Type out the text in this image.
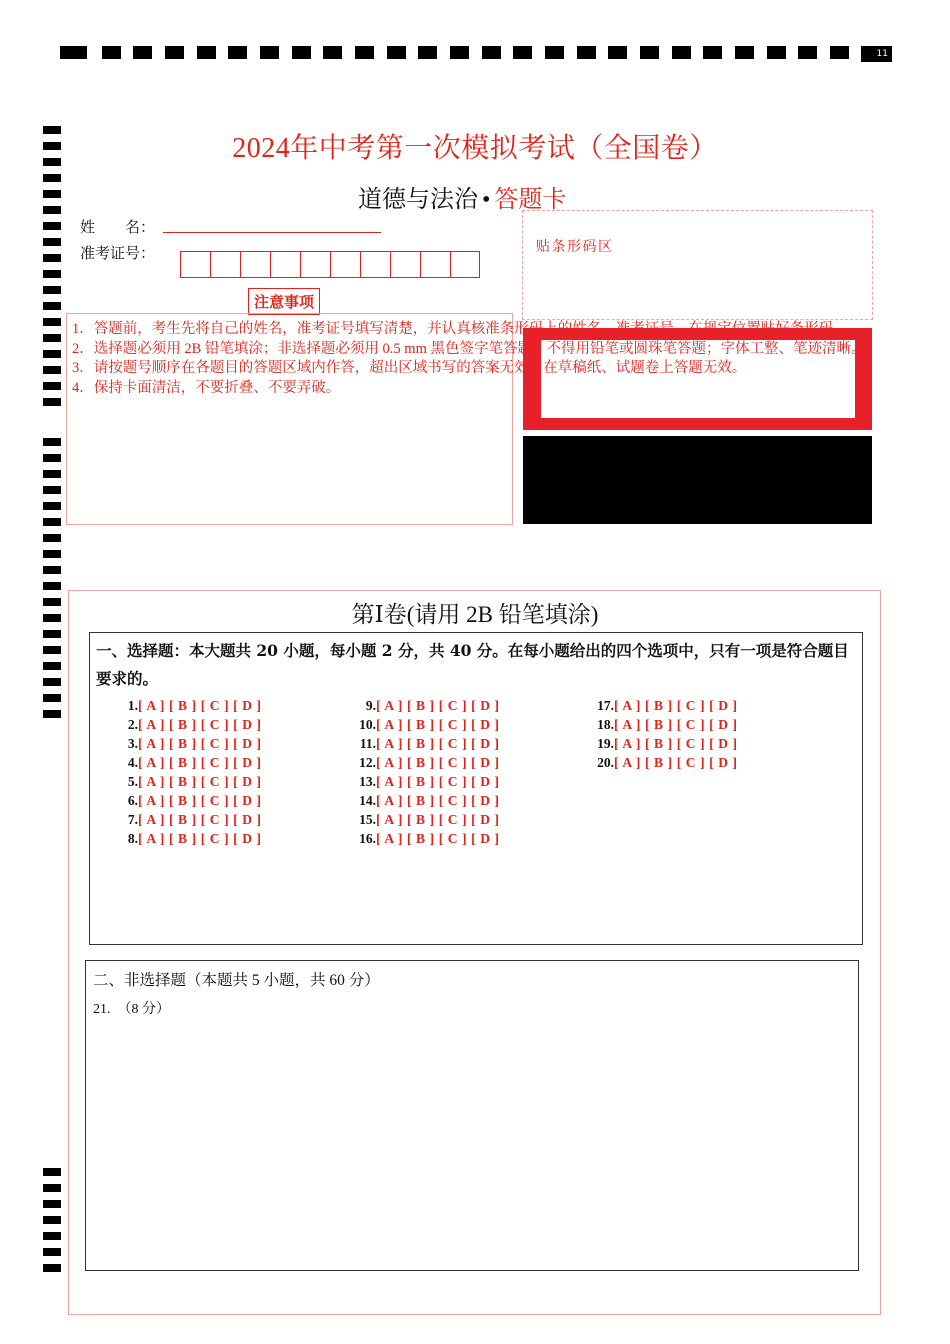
11
2024年中考第一次模拟考试（全国卷）
道德与法治 • 答题卡
姓　　名：
准考证号：
注意事项
贴条形码区
1．答题前，考生先将自己的姓名，准考证号填写清楚，并认真核准条形码上的姓名、准考证号，在规定位置贴好条形码。
2．选择题必须用 2B 铅笔填涂；非选择题必须用 0.5 mm 黑色签字笔答题，不得用铅笔或圆珠笔答题；字体工整、笔迹清晰。
3．请按题号顺序在各题目的答题区域内作答，超出区域书写的答案无效；在草稿纸、试题卷上答题无效。
4．保持卡面清洁，不要折叠、不要弄破。
第Ⅰ卷(请用 2B 铅笔填涂)
一、选择题：本大题共 20 小题，每小题 2 分，共 40 分。在每小题给出的四个选项中，只有一项是符合题目要求的。
1.[ A ] [ B ] [ C ] [ D ]
2.[ A ] [ B ] [ C ] [ D ]
3.[ A ] [ B ] [ C ] [ D ]
4.[ A ] [ B ] [ C ] [ D ]
5.[ A ] [ B ] [ C ] [ D ]
6.[ A ] [ B ] [ C ] [ D ]
7.[ A ] [ B ] [ C ] [ D ]
8.[ A ] [ B ] [ C ] [ D ]
9.[ A ] [ B ] [ C ] [ D ]
10.[ A ] [ B ] [ C ] [ D ]
11.[ A ] [ B ] [ C ] [ D ]
12.[ A ] [ B ] [ C ] [ D ]
13.[ A ] [ B ] [ C ] [ D ]
14.[ A ] [ B ] [ C ] [ D ]
15.[ A ] [ B ] [ C ] [ D ]
16.[ A ] [ B ] [ C ] [ D ]
17.[ A ] [ B ] [ C ] [ D ]
18.[ A ] [ B ] [ C ] [ D ]
19.[ A ] [ B ] [ C ] [ D ]
20.[ A ] [ B ] [ C ] [ D ]
二、非选择题（本题共 5 小题，共 60 分）
21.　（8 分）
